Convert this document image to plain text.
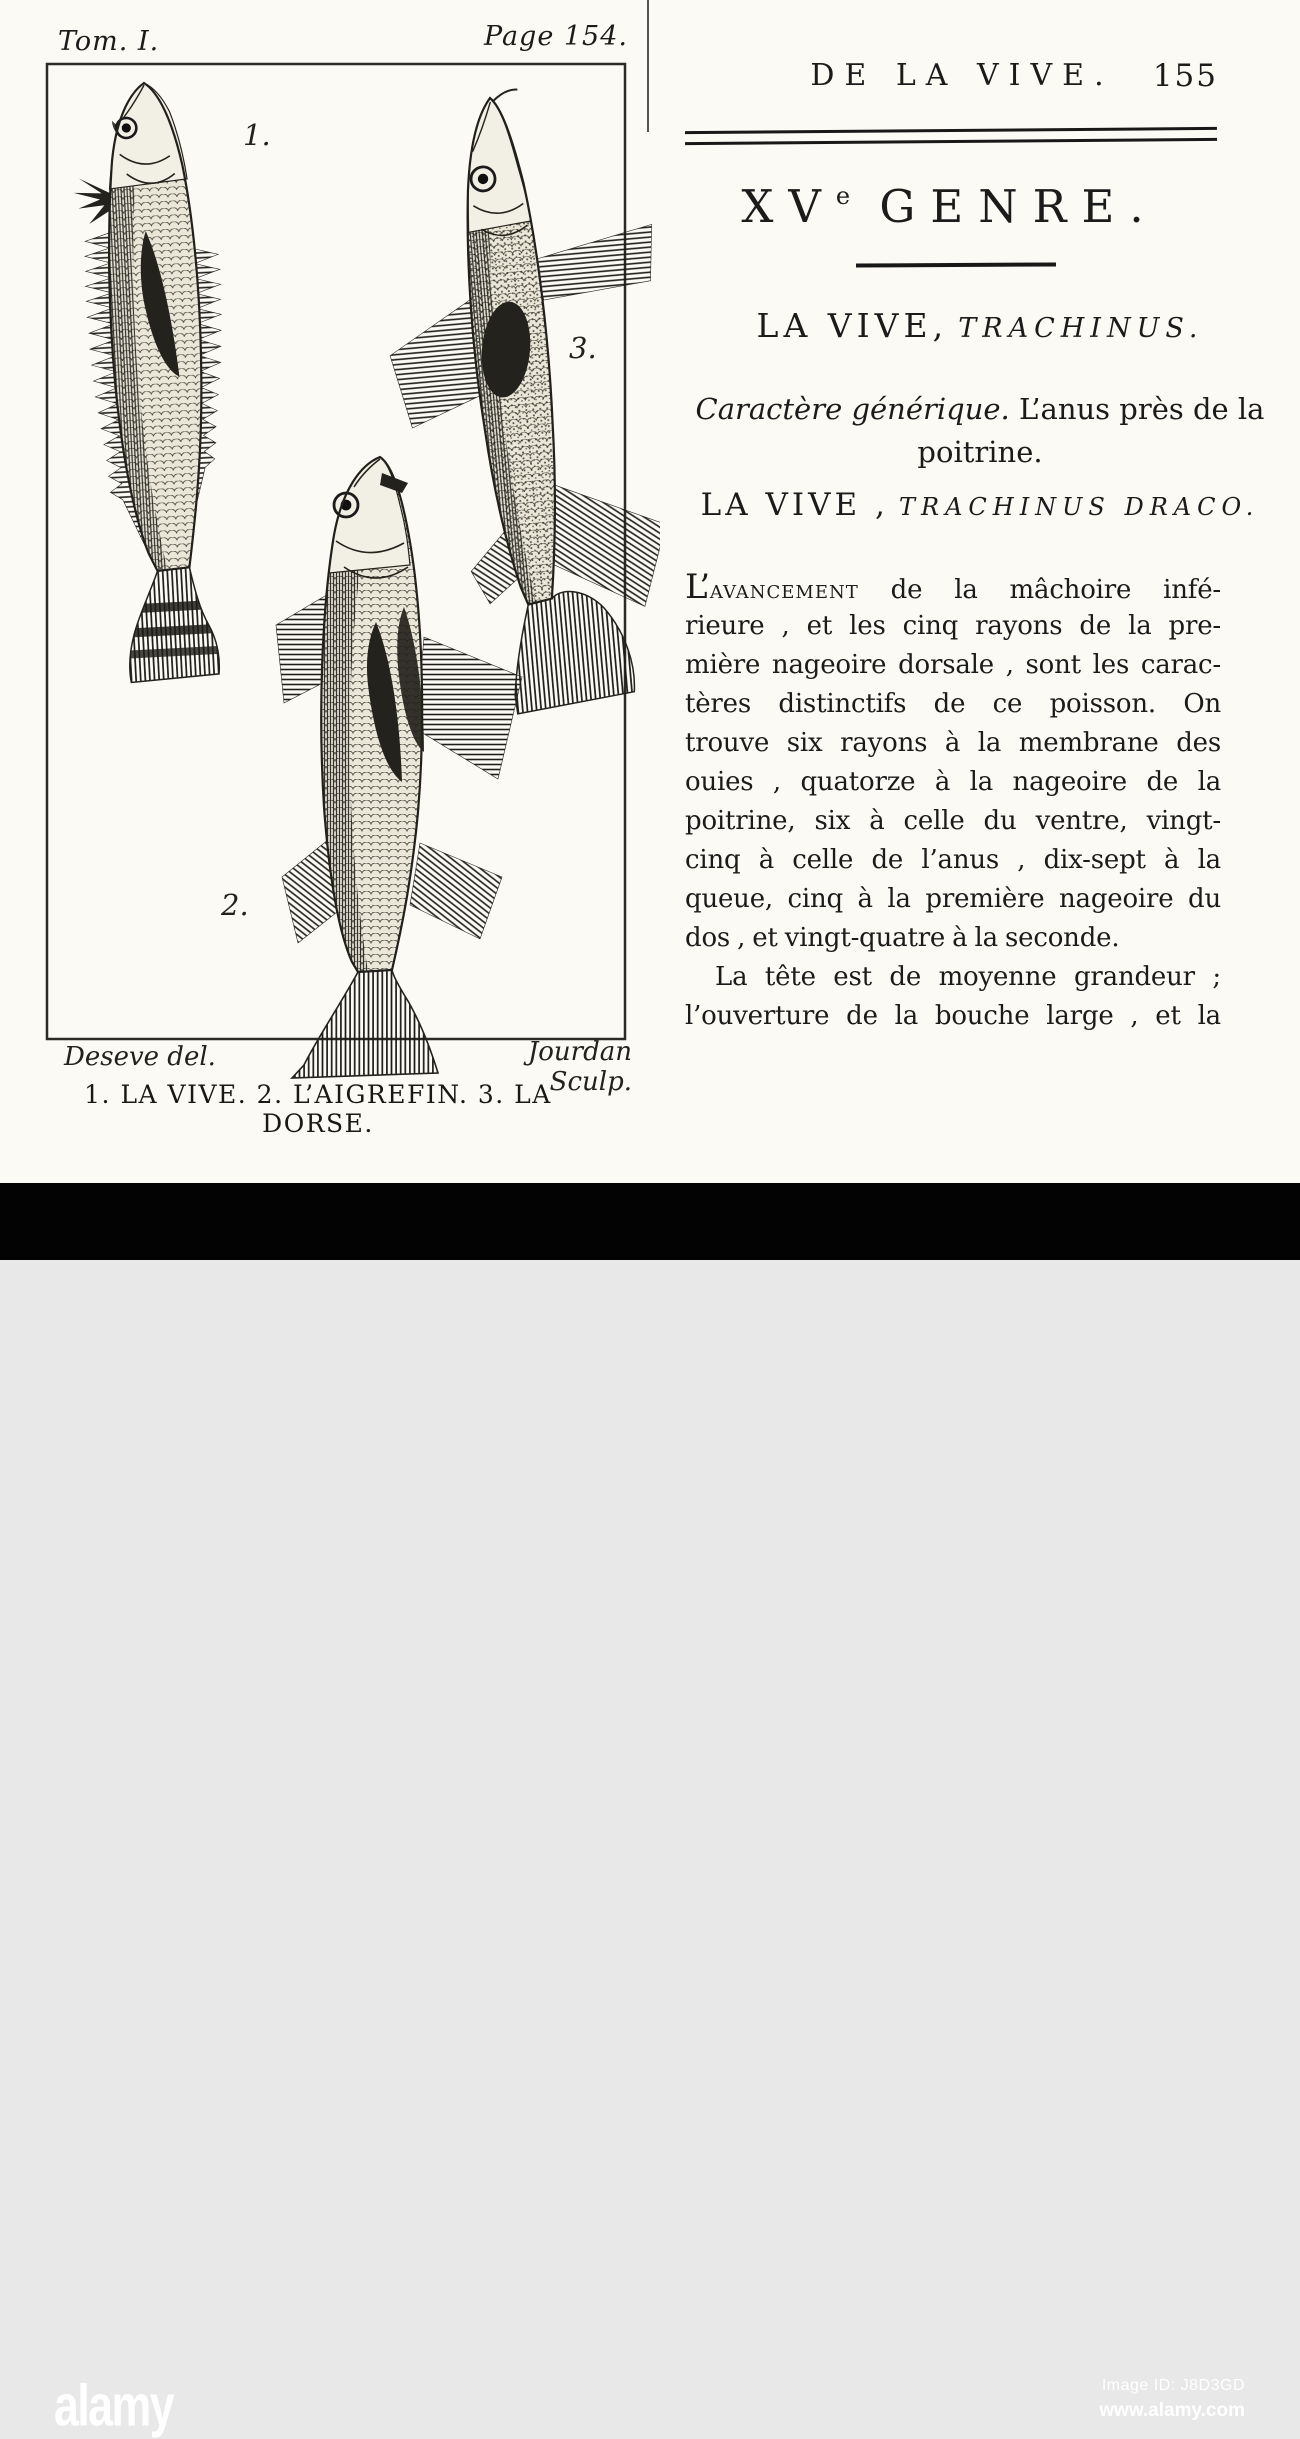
Tom. I.	Page 154.
1.
2.
3.
Deseve del.	Jourdan Sculp.
1. LA VIVE. 2. L’AIGREFIN. 3. LA DORSE.
DE LA VIVE.	155
XVe GENRE.
LA VIVE, TRACHINUS.
Caractère générique. L’anus près de la
poitrine.
LA VIVE , TRACHINUS DRACO.
L’avancement de la mâchoire infé-
rieure , et les cinq rayons de la pre-
mière nageoire dorsale , sont les carac-
tères distinctifs de ce poisson. On
trouve six rayons à la membrane des
ouies , quatorze à la nageoire de la
poitrine, six à celle du ventre, vingt-
cinq à celle de l’anus , dix-sept à la
queue, cinq à la première nageoire du
dos , et vingt-quatre à la seconde.
La tête est de moyenne grandeur ;
l’ouverture de la bouche large , et la
alamy	Image ID: J8D3GD
www.alamy.com
